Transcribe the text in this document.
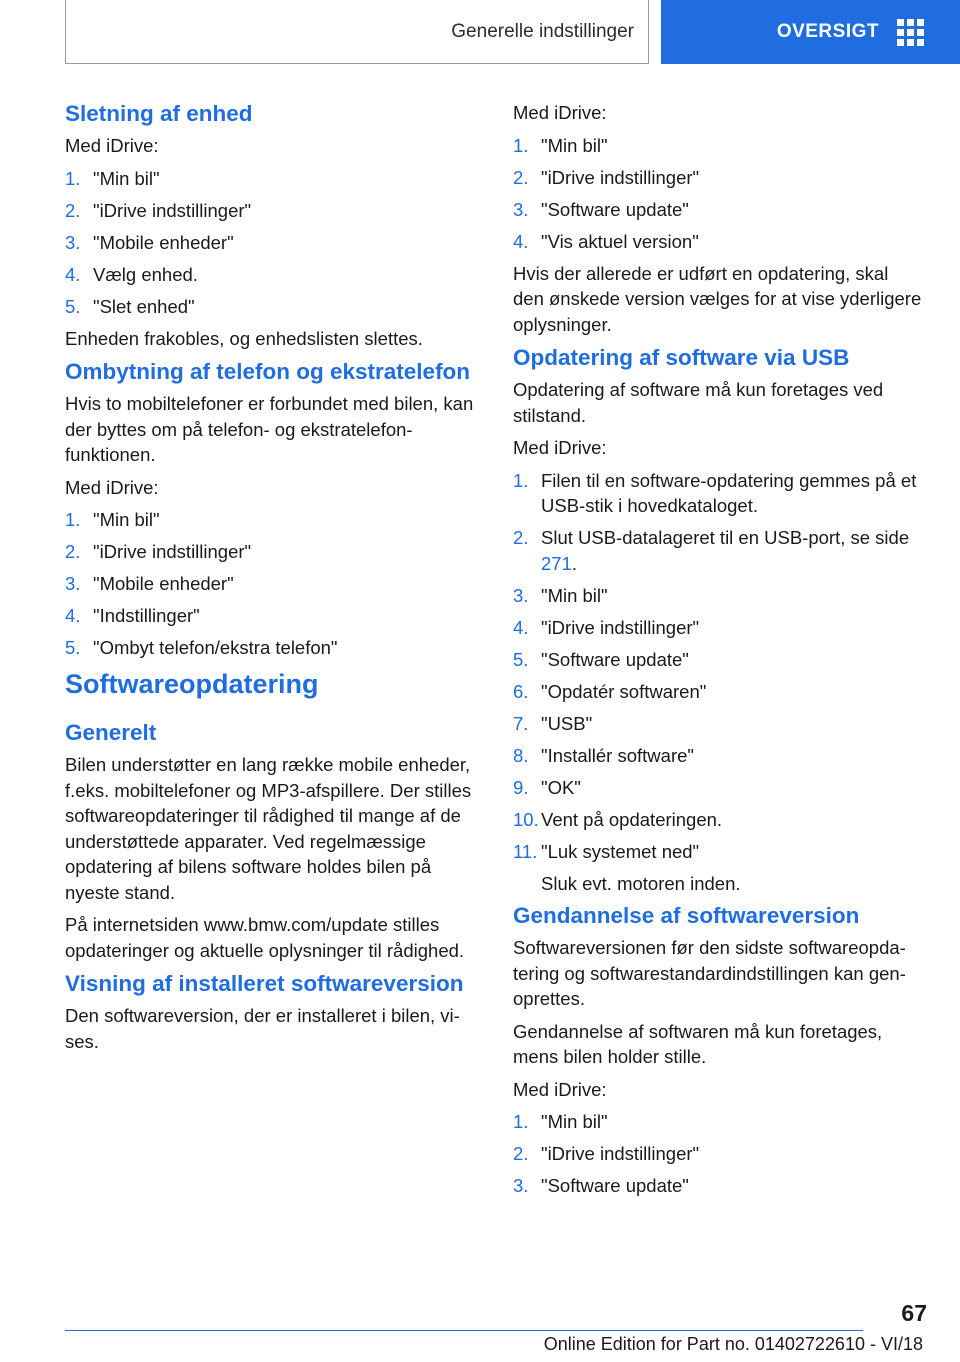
Generelle indstillinger	OVERSIGT
Sletning af enhed

Med iDrive:

1. "Min bil"
2. "iDrive indstillinger"
3. "Mobile enheder"
4. Vælg enhed.
5. "Slet enhed"

Enheden frakobles, og enhedslisten slettes.

Ombytning af telefon og ekstratelefon

Hvis to mobiltelefoner er forbundet med bilen, kan der byttes om på telefon- og ekstratelefonfunktionen.

Med iDrive:

1. "Min bil"
2. "iDrive indstillinger"
3. "Mobile enheder"
4. "Indstillinger"
5. "Ombyt telefon/ekstra telefon"
Softwareopdatering
Generelt

Bilen understøtter en lang række mobile enheder, f.eks. mobiltelefoner og MP3-afspillere. Der stilles softwareopdateringer til rådighed til mange af de understøttede apparater. Ved regelmæssige opdatering af bilens software holdes bilen på nyeste stand.

På internetsiden www.bmw.com/update stilles opdateringer og aktuelle oplysninger til rådighed.

Visning af installeret softwareversion

Den softwareversion, der er installeret i bilen, vises.

Med iDrive:

1. "Min bil"
2. "iDrive indstillinger"
3. "Software update"
4. "Vis aktuel version"

Hvis der allerede er udført en opdatering, skal den ønskede version vælges for at vise yderligere oplysninger.

Opdatering af software via USB

Opdatering af software må kun foretages ved stilstand.

Med iDrive:

1. Filen til en software-opdatering gemmes på et USB-stik i hovedkataloget.
2. Slut USB-datalageret til en USB-port, se side 271.
3. "Min bil"
4. "iDrive indstillinger"
5. "Software update"
6. "Opdatér softwaren"
7. "USB"
8. "Installér software"
9. "OK"
10. Vent på opdateringen.
11. "Luk systemet ned"

Sluk evt. motoren inden.

Gendannelse af softwareversion

Softwareversionen før den sidste softwareopdatering og softwarestandardindstillingen kan genoprettes.

Gendannelse af softwaren må kun foretages, mens bilen holder stille.

Med iDrive:

1. "Min bil"
2. "iDrive indstillinger"
3. "Software update"
67
Online Edition for Part no. 01402722610 - VI/18
